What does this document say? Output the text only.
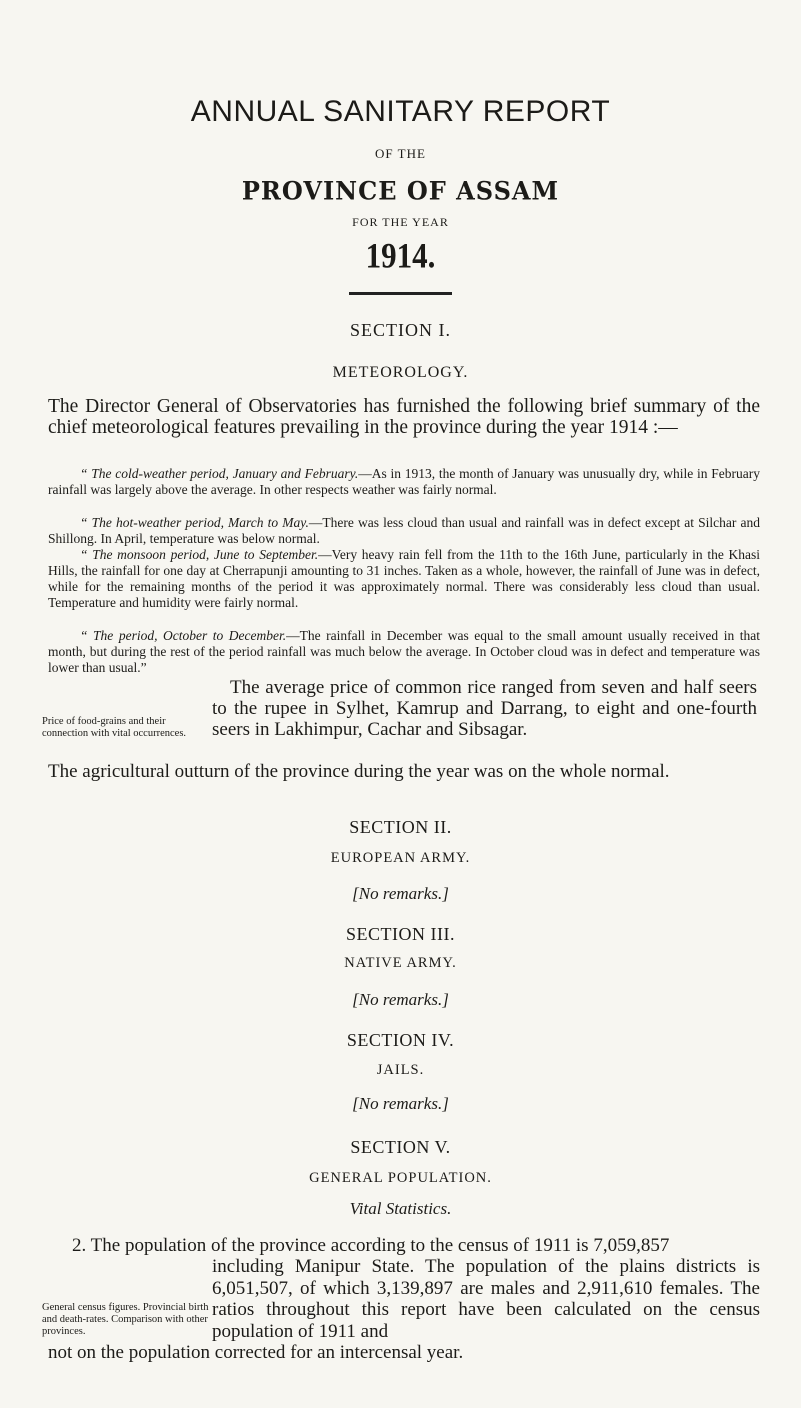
ANNUAL SANITARY REPORT
OF THE
PROVINCE OF ASSAM
FOR THE YEAR
1914.
SECTION I.
METEOROLOGY.
The Director General of Observatories has furnished the following brief summary of the chief meteorological features prevailing in the province during the year 1914 :—
“ The cold-weather period, January and February.—As in 1913, the month of January was unusually dry, while in February rainfall was largely above the average. In other respects weather was fairly normal.
“ The hot-weather period, March to May.—There was less cloud than usual and rainfall was in defect except at Silchar and Shillong. In April, temperature was below normal.
“ The monsoon period, June to September.—Very heavy rain fell from the 11th to the 16th June, particularly in the Khasi Hills, the rainfall for one day at Cherrapunji amounting to 31 inches. Taken as a whole, however, the rainfall of June was in defect, while for the remaining months of the period it was approximately normal. There was considerably less cloud than usual. Temperature and humidity were fairly normal.
“ The period, October to December.—The rainfall in December was equal to the small amount usually received in that month, but during the rest of the period rainfall was much below the average. In October cloud was in defect and temperature was lower than usual.”
The average price of common rice ranged from seven and half seers to the rupee in Sylhet, Kamrup and Darrang, to eight and one-fourth seers in Lakhimpur, Cachar and Sibsagar.
Price of food-grains and their connection with vital occurrences.
The agricultural outturn of the province during the year was on the whole normal.
SECTION II.
EUROPEAN ARMY.
[No remarks.]
SECTION III.
NATIVE ARMY.
[No remarks.]
SECTION IV.
JAILS.
[No remarks.]
SECTION V.
GENERAL POPULATION.
Vital Statistics.
2. The population of the province according to the census of 1911 is 7,059,857
including Manipur State. The population of the plains districts is 6,051,507, of which 3,139,897 are males and 2,911,610 females. The ratios throughout this report have been calculated on the census population of 1911 and
General census figures. Provincial birth and death-rates. Comparison with other provinces.
not on the population corrected for an intercensal year.
